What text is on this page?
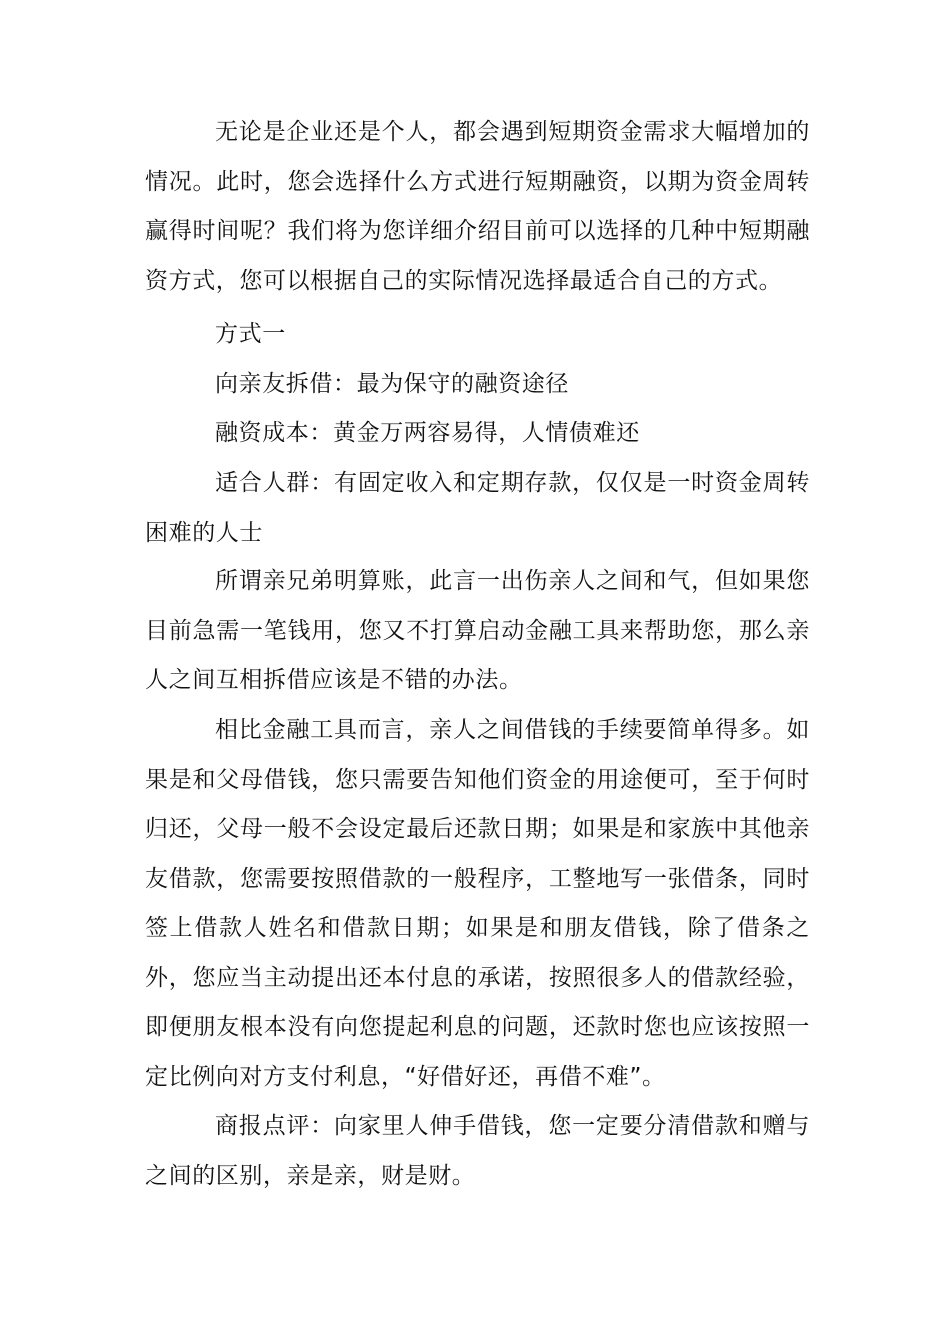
无论是企业还是个人，都会遇到短期资金需求大幅增加的情况。此时，您会选择什么方式进行短期融资，以期为资金周转赢得时间呢？我们将为您详细介绍目前可以选择的几种中短期融资方式，您可以根据自己的实际情况选择最适合自己的方式。

方式一

向亲友拆借：最为保守的融资途径

融资成本：黄金万两容易得，人情债难还

适合人群：有固定收入和定期存款，仅仅是一时资金周转困难的人士

所谓亲兄弟明算账，此言一出伤亲人之间和气，但如果您目前急需一笔钱用，您又不打算启动金融工具来帮助您，那么亲人之间互相拆借应该是不错的办法。

相比金融工具而言，亲人之间借钱的手续要简单得多。如果是和父母借钱，您只需要告知他们资金的用途便可，至于何时归还，父母一般不会设定最后还款日期；如果是和家族中其他亲友借款，您需要按照借款的一般程序，工整地写一张借条，同时签上借款人姓名和借款日期；如果是和朋友借钱，除了借条之外，您应当主动提出还本付息的承诺，按照很多人的借款经验，即便朋友根本没有向您提起利息的问题，还款时您也应该按照一定比例向对方支付利息，“好借好还，再借不难”。

商报点评：向家里人伸手借钱，您一定要分清借款和赠与之间的区别，亲是亲，财是财。
